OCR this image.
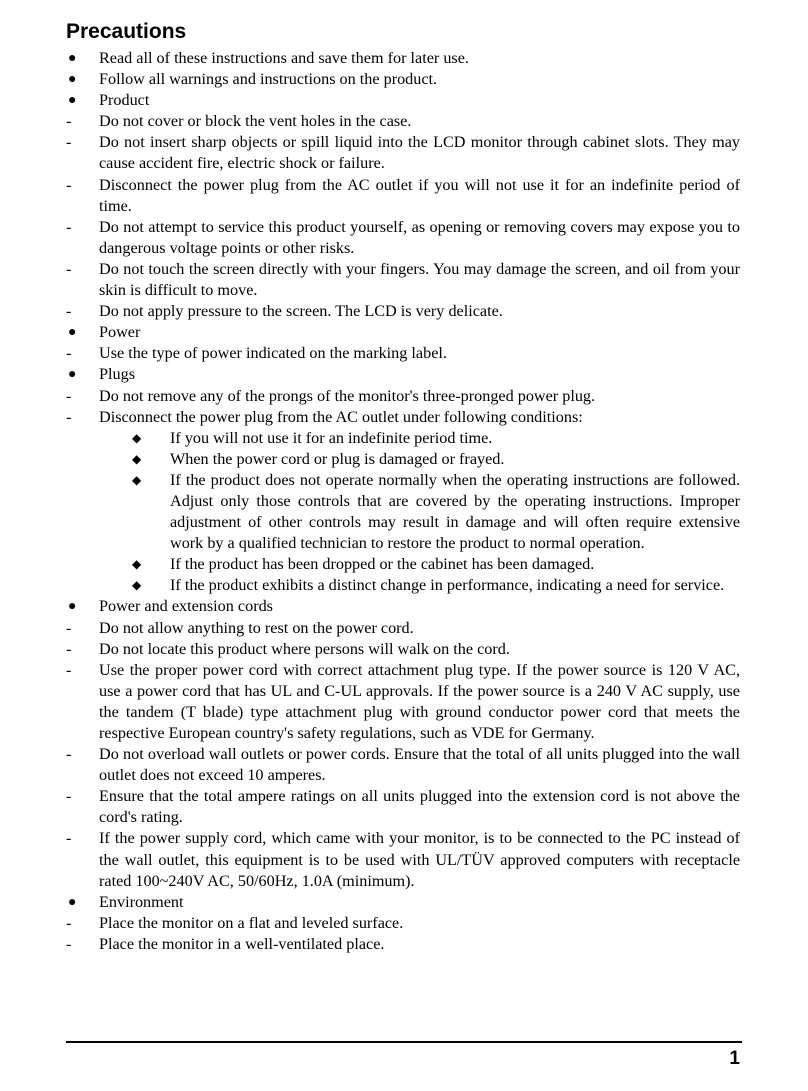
Precautions
●	Read all of these instructions and save them for later use.
●	Follow all warnings and instructions on the product.
●	Product
-	Do not cover or block the vent holes in the case.
-	Do not insert sharp objects or spill liquid into the LCD monitor through cabinet slots. They may cause accident fire, electric shock or failure.
-	Disconnect the power plug from the AC outlet if you will not use it for an indefinite period of time.
-	Do not attempt to service this product yourself, as opening or removing covers may expose you to dangerous voltage points or other risks.
-	Do not touch the screen directly with your fingers. You may damage the screen, and oil from your skin is difficult to move.
-	Do not apply pressure to the screen. The LCD is very delicate.
●	Power
-	Use the type of power indicated on the marking label.
●	Plugs
-	Do not remove any of the prongs of the monitor's three-pronged power plug.
-	Disconnect the power plug from the AC outlet under following conditions:
◆	If you will not use it for an indefinite period time.
◆	When the power cord or plug is damaged or frayed.
◆	If the product does not operate normally when the operating instructions are followed. Adjust only those controls that are covered by the operating instructions. Improper adjustment of other controls may result in damage and will often require extensive work by a qualified technician to restore the product to normal operation.
◆	If the product has been dropped or the cabinet has been damaged.
◆	If the product exhibits a distinct change in performance, indicating a need for service.
●	Power and extension cords
-	Do not allow anything to rest on the power cord.
-	Do not locate this product where persons will walk on the cord.
-	Use the proper power cord with correct attachment plug type. If the power source is 120 V AC, use a power cord that has UL and C-UL approvals. If the power source is a 240 V AC supply, use the tandem (T blade) type attachment plug with ground conductor power cord that meets the respective European country's safety regulations, such as VDE for Germany.
-	Do not overload wall outlets or power cords. Ensure that the total of all units plugged into the wall outlet does not exceed 10 amperes.
-	Ensure that the total ampere ratings on all units plugged into the extension cord is not above the cord's rating.
-	If the power supply cord, which came with your monitor, is to be connected to the PC instead of the wall outlet, this equipment is to be used with UL/TÜV approved computers with receptacle rated 100~240V AC, 50/60Hz, 1.0A (minimum).
●	Environment
-	Place the monitor on a flat and leveled surface.
-	Place the monitor in a well-ventilated place.
1
